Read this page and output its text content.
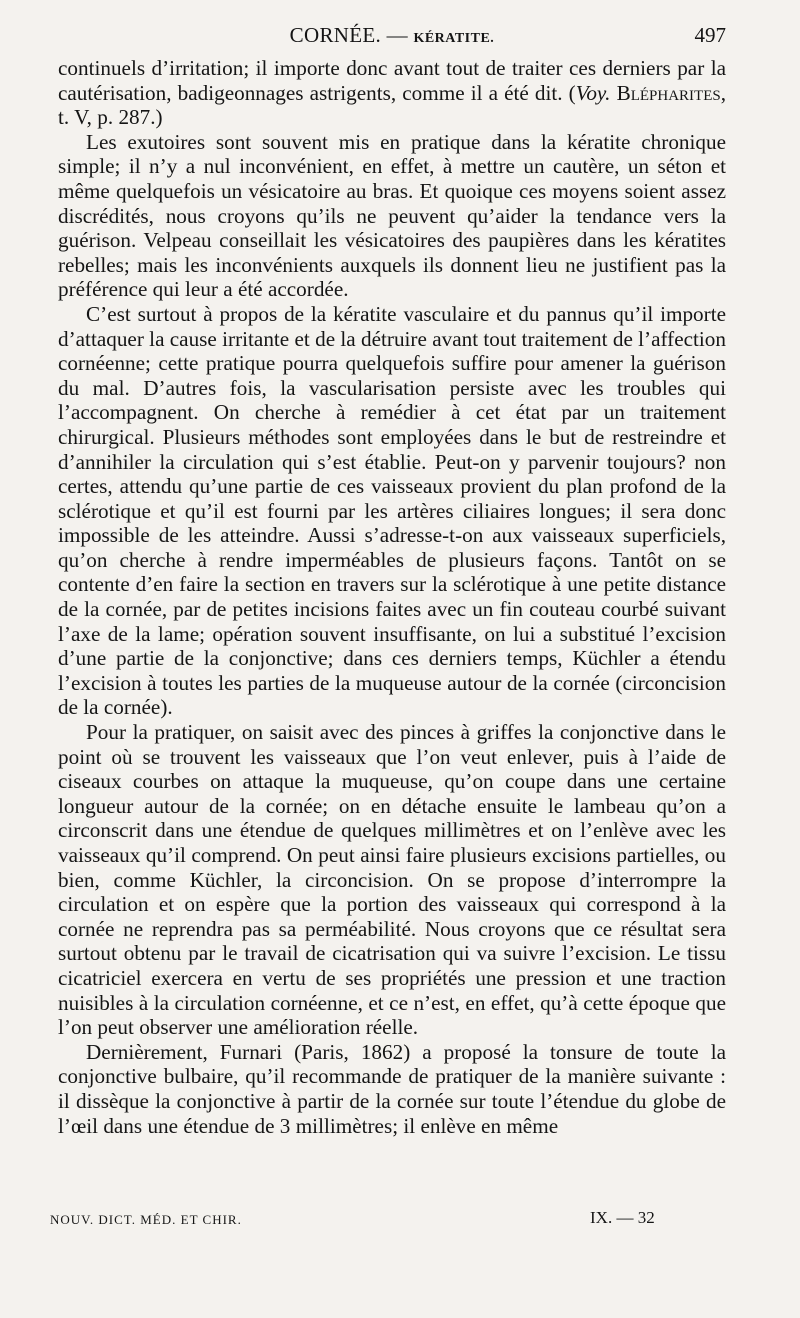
CORNÉE. — KÉRATITE.	497

continuels d’irritation; il importe donc avant tout de traiter ces derniers par la cautérisation, badigeonnages astrigents, comme il a été dit. (Voy. Blépharites, t. V, p. 287.)

Les exutoires sont souvent mis en pratique dans la kératite chronique simple; il n’y a nul inconvénient, en effet, à mettre un cautère, un séton et même quelquefois un vésicatoire au bras. Et quoique ces moyens soient assez discrédités, nous croyons qu’ils ne peuvent qu’aider la tendance vers la guérison. Velpeau conseillait les vésicatoires des paupières dans les kératites rebelles; mais les inconvénients auxquels ils donnent lieu ne justifient pas la préférence qui leur a été accordée.

C’est surtout à propos de la kératite vasculaire et du pannus qu’il importe d’attaquer la cause irritante et de la détruire avant tout traitement de l’affection cornéenne; cette pratique pourra quelquefois suffire pour amener la guérison du mal. D’autres fois, la vascularisation persiste avec les troubles qui l’accompagnent. On cherche à remédier à cet état par un traitement chirurgical. Plusieurs méthodes sont employées dans le but de restreindre et d’annihiler la circulation qui s’est établie. Peut-on y parvenir toujours? non certes, attendu qu’une partie de ces vaisseaux provient du plan profond de la sclérotique et qu’il est fourni par les artères ciliaires longues; il sera donc impossible de les atteindre. Aussi s’adresse-t-on aux vaisseaux superficiels, qu’on cherche à rendre imperméables de plusieurs façons. Tantôt on se contente d’en faire la section en travers sur la sclérotique à une petite distance de la cornée, par de petites incisions faites avec un fin couteau courbé suivant l’axe de la lame; opération souvent insuffisante, on lui a substitué l’excision d’une partie de la conjonctive; dans ces derniers temps, Küchler a étendu l’excision à toutes les parties de la muqueuse autour de la cornée (circoncision de la cornée).

Pour la pratiquer, on saisit avec des pinces à griffes la conjonctive dans le point où se trouvent les vaisseaux que l’on veut enlever, puis à l’aide de ciseaux courbes on attaque la muqueuse, qu’on coupe dans une certaine longueur autour de la cornée; on en détache ensuite le lambeau qu’on a circonscrit dans une étendue de quelques millimètres et on l’enlève avec les vaisseaux qu’il comprend. On peut ainsi faire plusieurs excisions partielles, ou bien, comme Küchler, la circoncision. On se propose d’interrompre la circulation et on espère que la portion des vaisseaux qui correspond à la cornée ne reprendra pas sa perméabilité. Nous croyons que ce résultat sera surtout obtenu par le travail de cicatrisation qui va suivre l’excision. Le tissu cicatriciel exercera en vertu de ses propriétés une pression et une traction nuisibles à la circulation cornéenne, et ce n’est, en effet, qu’à cette époque que l’on peut observer une amélioration réelle.

Dernièrement, Furnari (Paris, 1862) a proposé la tonsure de toute la conjonctive bulbaire, qu’il recommande de pratiquer de la manière suivante : il dissèque la conjonctive à partir de la cornée sur toute l’étendue du globe de l’œil dans une étendue de 3 millimètres; il enlève en même

NOUV. DICT. MÉD. ET CHIR.	IX. — 32
